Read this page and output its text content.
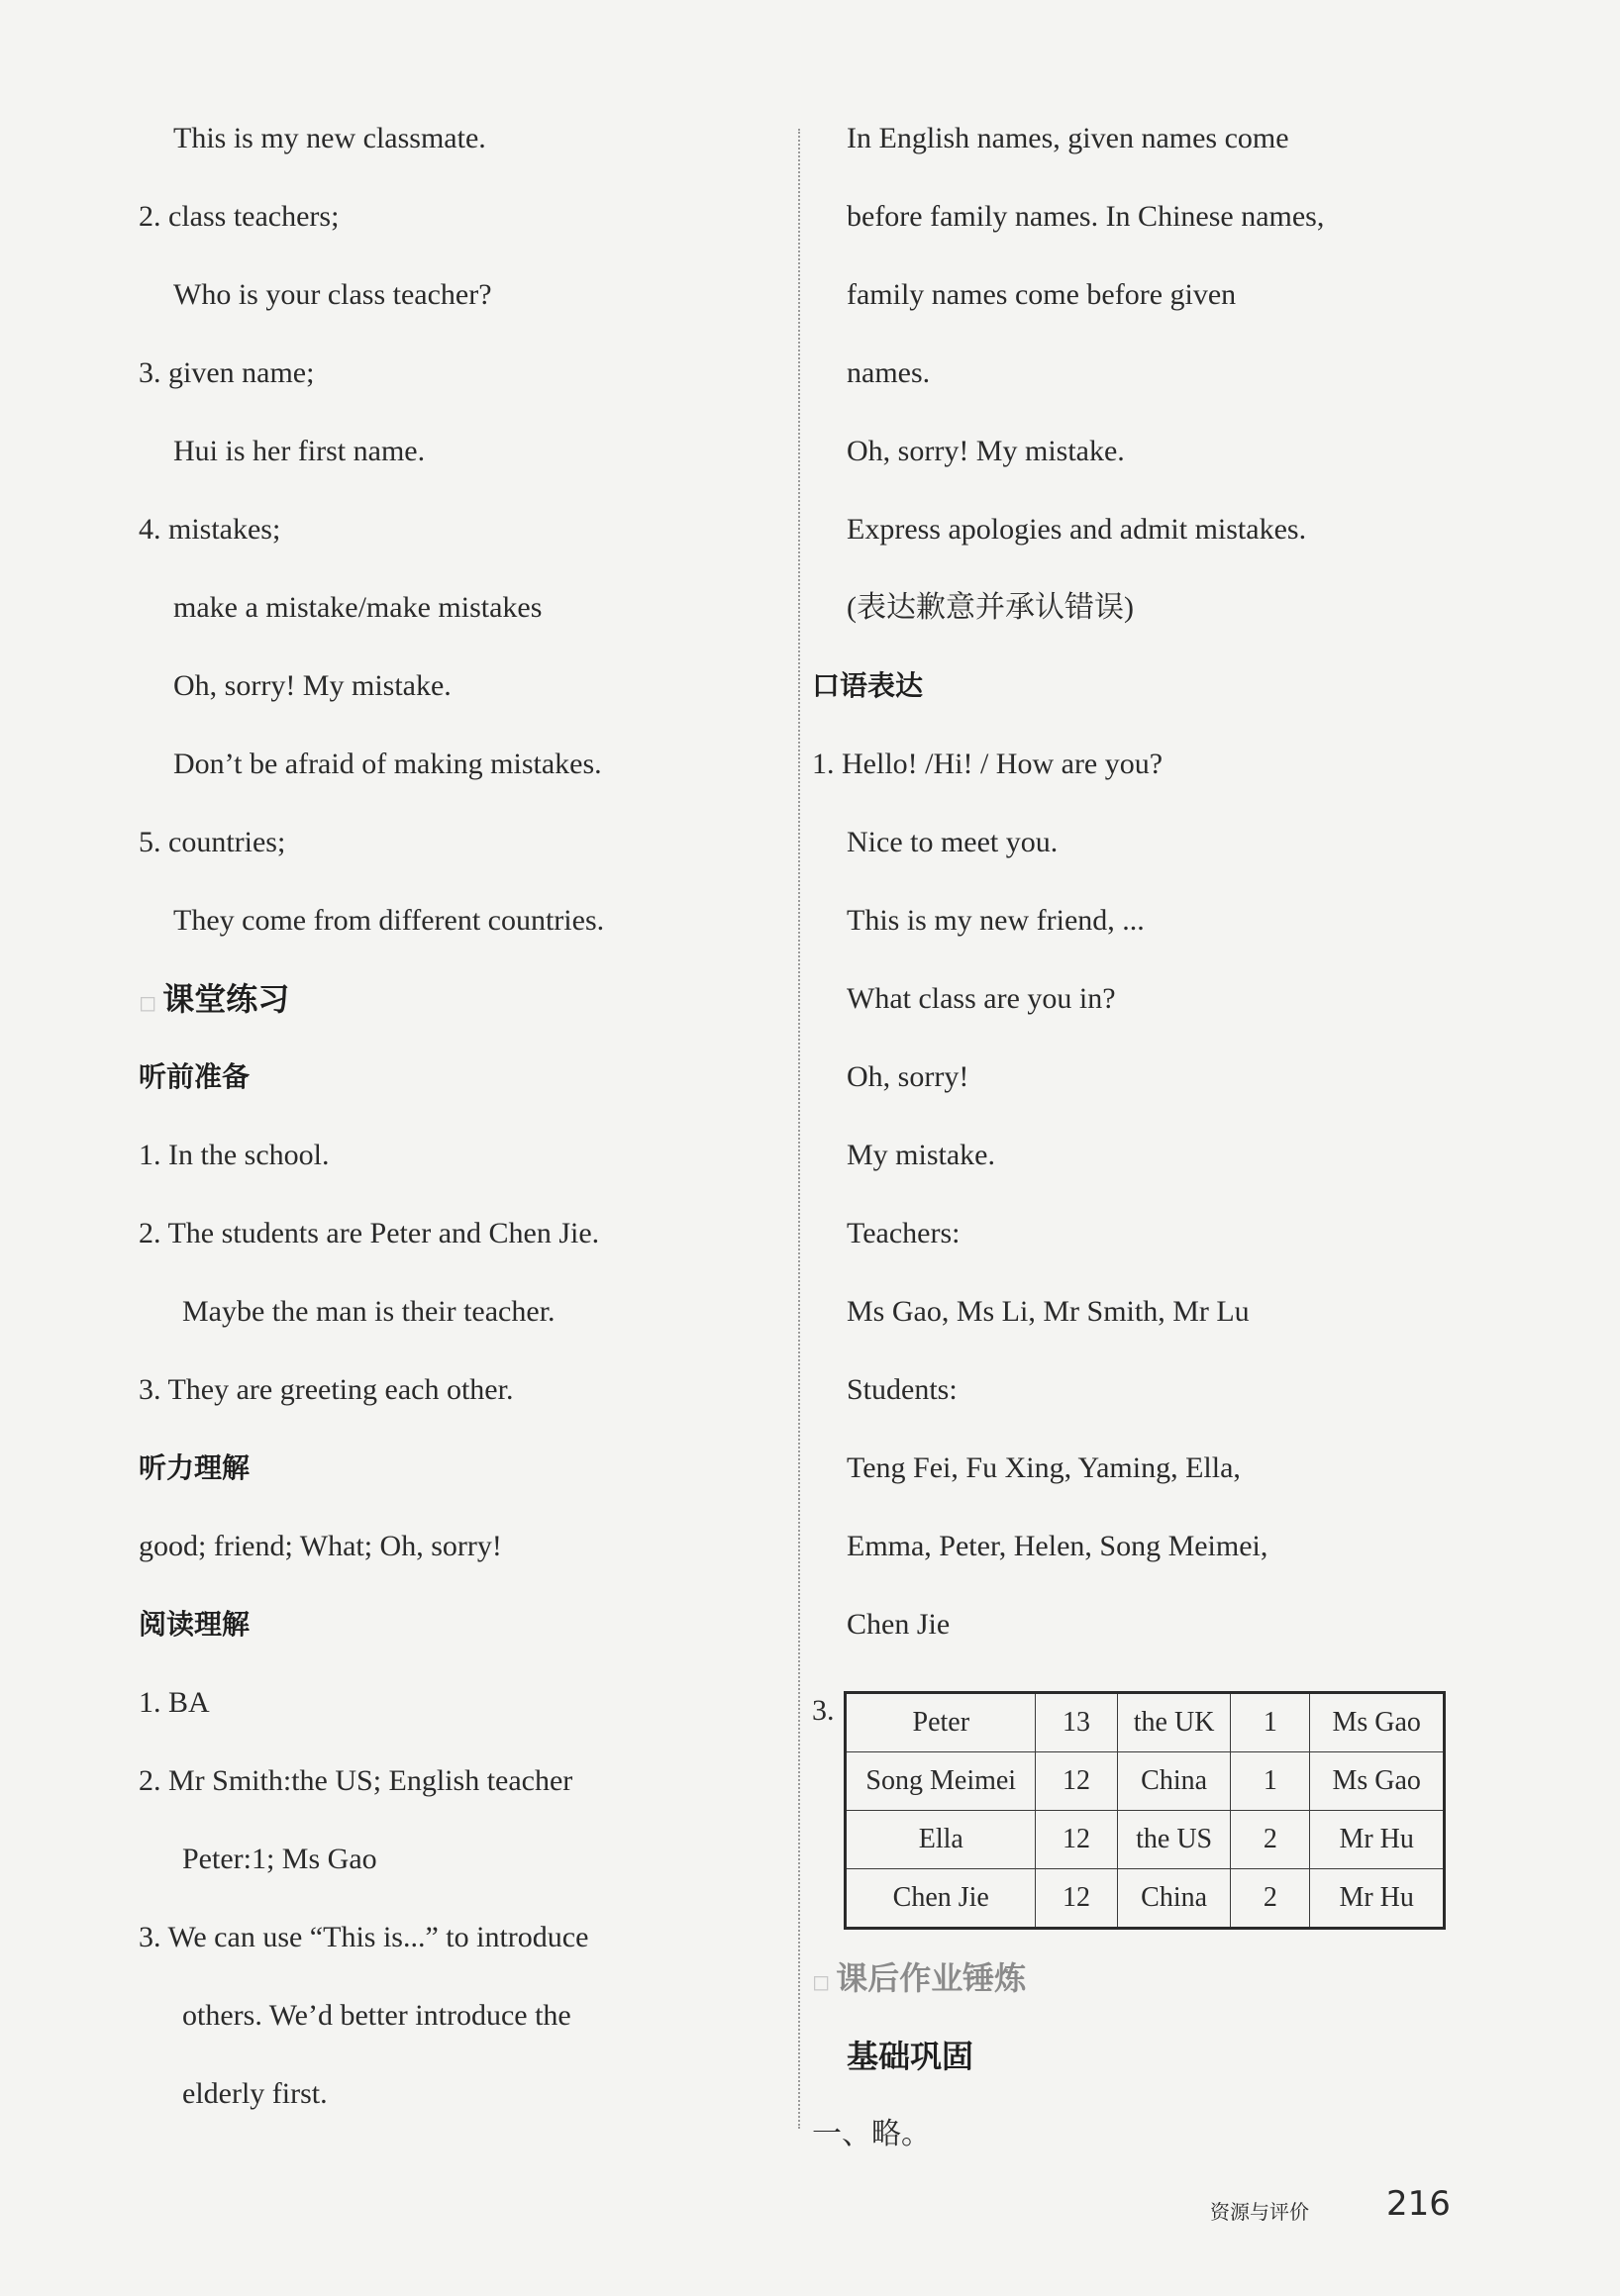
This is my new classmate.
2. class teachers;
Who is your class teacher?
3. given name;
Hui is her first name.
4. mistakes;
make a mistake/make mistakes
Oh, sorry! My mistake.
Don’t be afraid of making mistakes.
5. countries;
They come from different countries.
◻ 课堂练习
听前准备
1. In the school.
2. The students are Peter and Chen Jie.
Maybe the man is their teacher.
3. They are greeting each other.
听力理解
good; friend; What; Oh, sorry!
阅读理解
1. BA
2. Mr Smith:the US; English teacher
Peter:1; Ms Gao
3. We can use “This is...” to introduce
others. We’d better introduce the
elderly first.
In English names, given names come
before family names. In Chinese names,
family names come before given
names.
Oh, sorry! My mistake.
Express apologies and admit mistakes.
(表达歉意并承认错误)
口语表达
1. Hello! /Hi! / How are you?
Nice to meet you.
This is my new friend, ...
What class are you in?
Oh, sorry!
My mistake.
Teachers:
Ms Gao, Ms Li, Mr Smith, Mr Lu
Students:
Teng Fei, Fu Xing, Yaming, Ella,
Emma, Peter, Helen, Song Meimei,
Chen Jie
3.	Peter	13	the UK	1	Ms Gao
Song Meimei	12	China	1	Ms Gao
Ella	12	the US	2	Mr Hu
Chen Jie	12	China	2	Mr Hu
◻ 课后作业锤炼
基础巩固
一、略。
资源与评价 216
